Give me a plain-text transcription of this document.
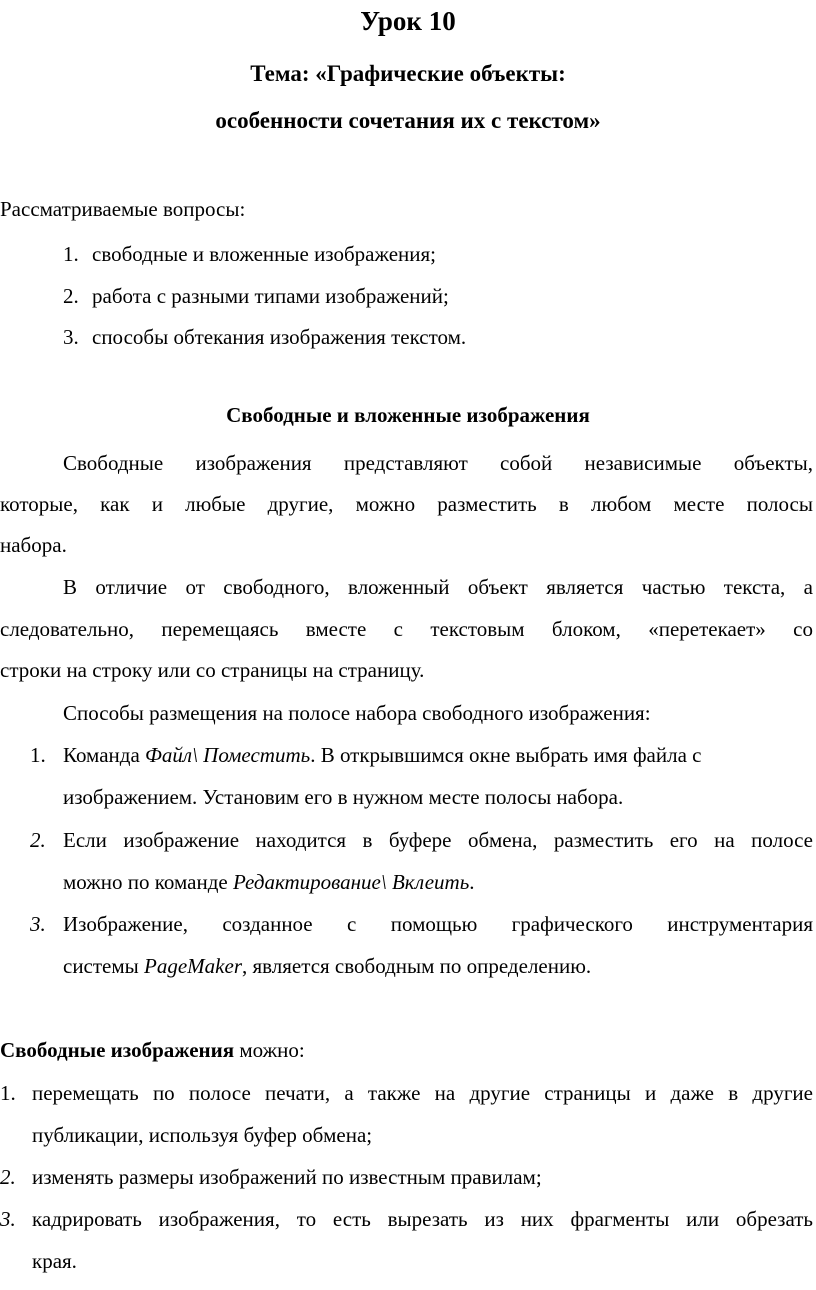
Урок 10
Тема: «Графические объекты:
особенности сочетания их с текстом»
Рассматриваемые вопросы:
1. свободные и вложенные изображения;
2. работа с разными типами изображений;
3. способы обтекания изображения текстом.
Свободные и вложенные изображения
Свободные изображения представляют собой независимые объекты,
которые, как и любые другие, можно разместить в любом месте полосы
набора.
В отличие от свободного, вложенный объект является частью текста, а
следовательно, перемещаясь вместе с текстовым блоком, «перетекает» со
строки на строку или со страницы на страницу.
Способы размещения на полосе набора свободного изображения:
1. Команда Файл\ Поместить. В открывшимся окне выбрать имя файла с
изображением. Установим его в нужном месте полосы набора.
2. Если изображение находится в буфере обмена, разместить его на полосе
можно по команде Редактирование\ Вклеить.
3. Изображение, созданное с помощью графического инструментария
системы PageMaker, является свободным по определению.
Свободные изображения можно:
1. перемещать по полосе печати, а также на другие страницы и даже в другие
публикации, используя буфер обмена;
2. изменять размеры изображений по известным правилам;
3. кадрировать изображения, то есть вырезать из них фрагменты или обрезать
края.
